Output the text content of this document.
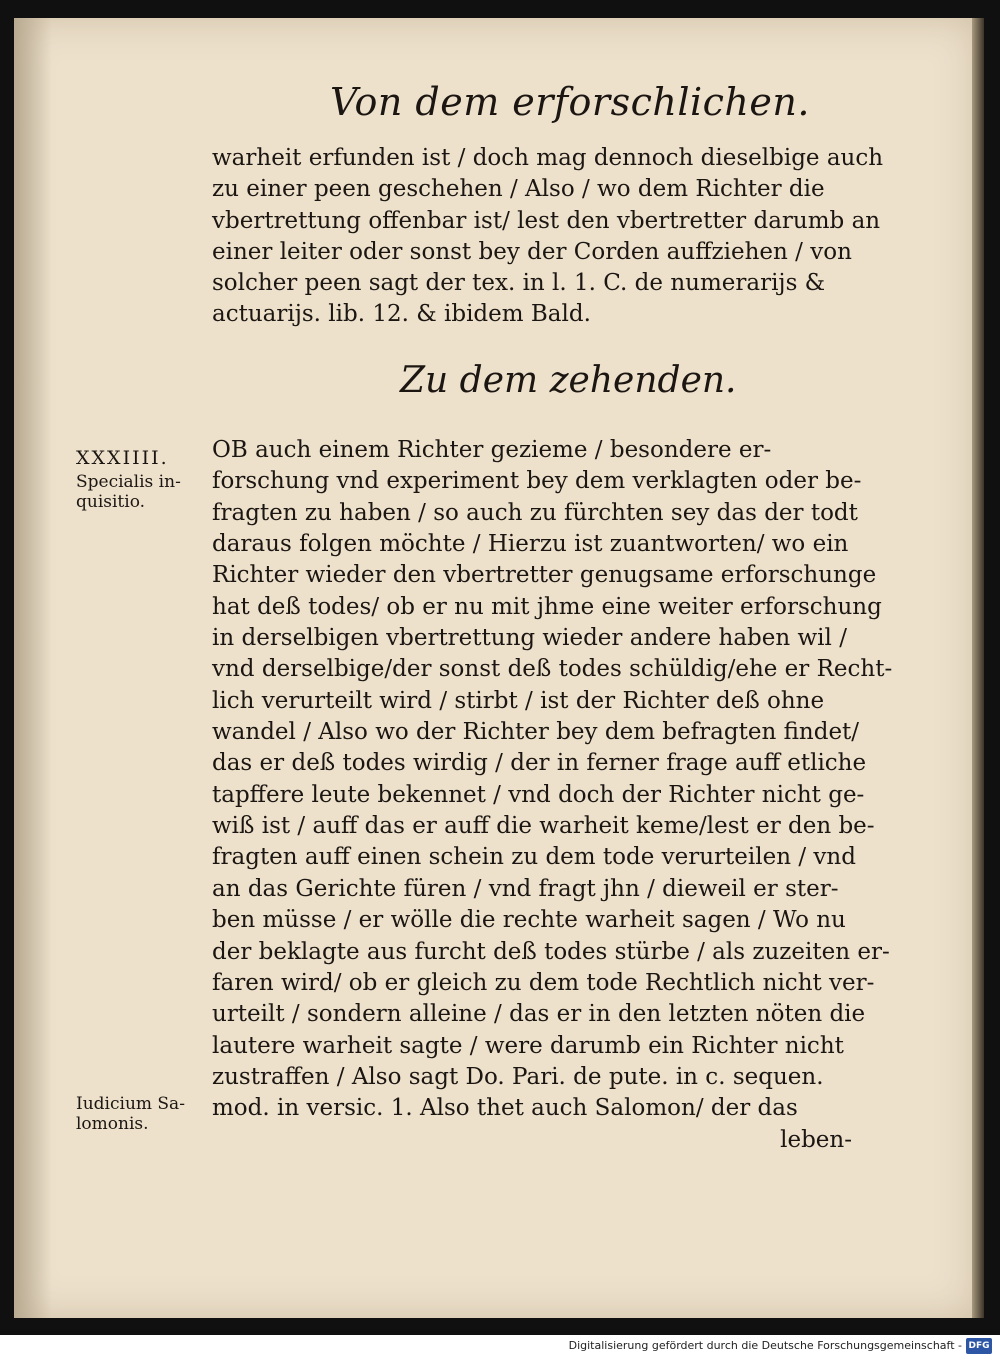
Von dem erforschlichen.
warheit erfunden ist / doch mag dennoch dieselbige auch
zu einer peen geschehen / Also / wo dem Richter die
vbertrettung offenbar ist/ lest den vbertretter darumb an
einer leiter oder sonst bey der Corden auffziehen / von
solcher peen sagt der tex. in l. 1. C. de numerarijs &
actuarijs. lib. 12. & ibidem Bald.
Zu dem zehenden.
XXXIIII.
Specialis in-
quisitio.
OB auch einem Richter gezieme / besondere er-
forschung vnd experiment bey dem verklagten oder be-
fragten zu haben / so auch zu fürchten sey das der todt
daraus folgen möchte / Hierzu ist zuantworten/ wo ein
Richter wieder den vbertretter genugsame erforschunge
hat deß todes/ ob er nu mit jhme eine weiter erforschung
in derselbigen vbertrettung wieder andere haben wil /
vnd derselbige/der sonst deß todes schüldig/ehe er Recht-
lich verurteilt wird / stirbt / ist der Richter deß ohne
wandel / Also wo der Richter bey dem befragten findet/
das er deß todes wirdig / der in ferner frage auff etliche
tapffere leute bekennet / vnd doch der Richter nicht ge-
wiß ist / auff das er auff die warheit keme/lest er den be-
fragten auff einen schein zu dem tode verurteilen / vnd
an das Gerichte füren / vnd fragt jhn / dieweil er ster-
ben müsse / er wölle die rechte warheit sagen / Wo nu
der beklagte aus furcht deß todes stürbe / als zuzeiten er-
faren wird/ ob er gleich zu dem tode Rechtlich nicht ver-
urteilt / sondern alleine / das er in den letzten nöten die
lautere warheit sagte / were darumb ein Richter nicht
zustraffen / Also sagt Do. Pari. de pute. in c. sequen.
mod. in versic. 1. Also thet auch Salomon/ der das
leben-
Iudicium Sa-
lomonis.
Digitalisierung gefördert durch die Deutsche Forschungsgemeinschaft - DFG
